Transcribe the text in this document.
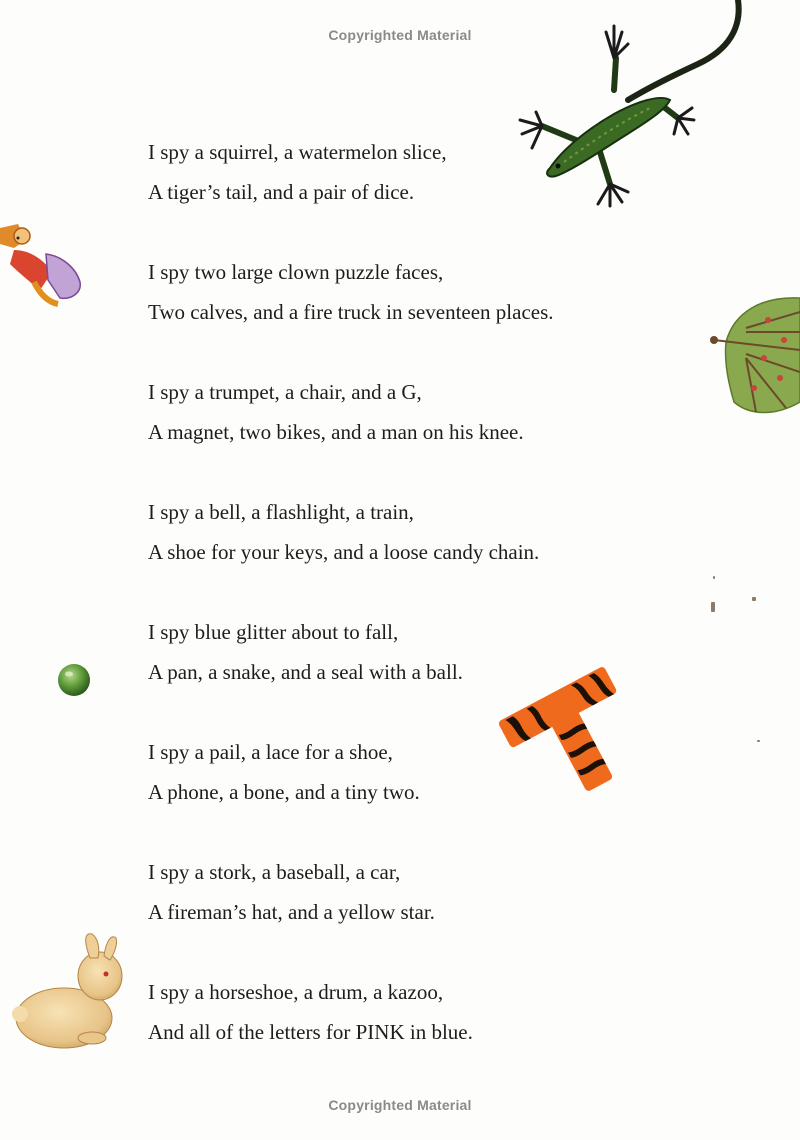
Copyrighted Material
I spy a squirrel, a watermelon slice,
A tiger’s tail, and a pair of dice.
I spy two large clown puzzle faces,
Two calves, and a fire truck in seventeen places.
I spy a trumpet, a chair, and a G,
A magnet, two bikes, and a man on his knee.
I spy a bell, a flashlight, a train,
A shoe for your keys, and a loose candy chain.
I spy blue glitter about to fall,
A pan, a snake, and a seal with a ball.
I spy a pail, a lace for a shoe,
A phone, a bone, and a tiny two.
I spy a stork, a baseball, a car,
A fireman’s hat, and a yellow star.
I spy a horseshoe, a drum, a kazoo,
And all of the letters for PINK in blue.
Copyrighted Material
